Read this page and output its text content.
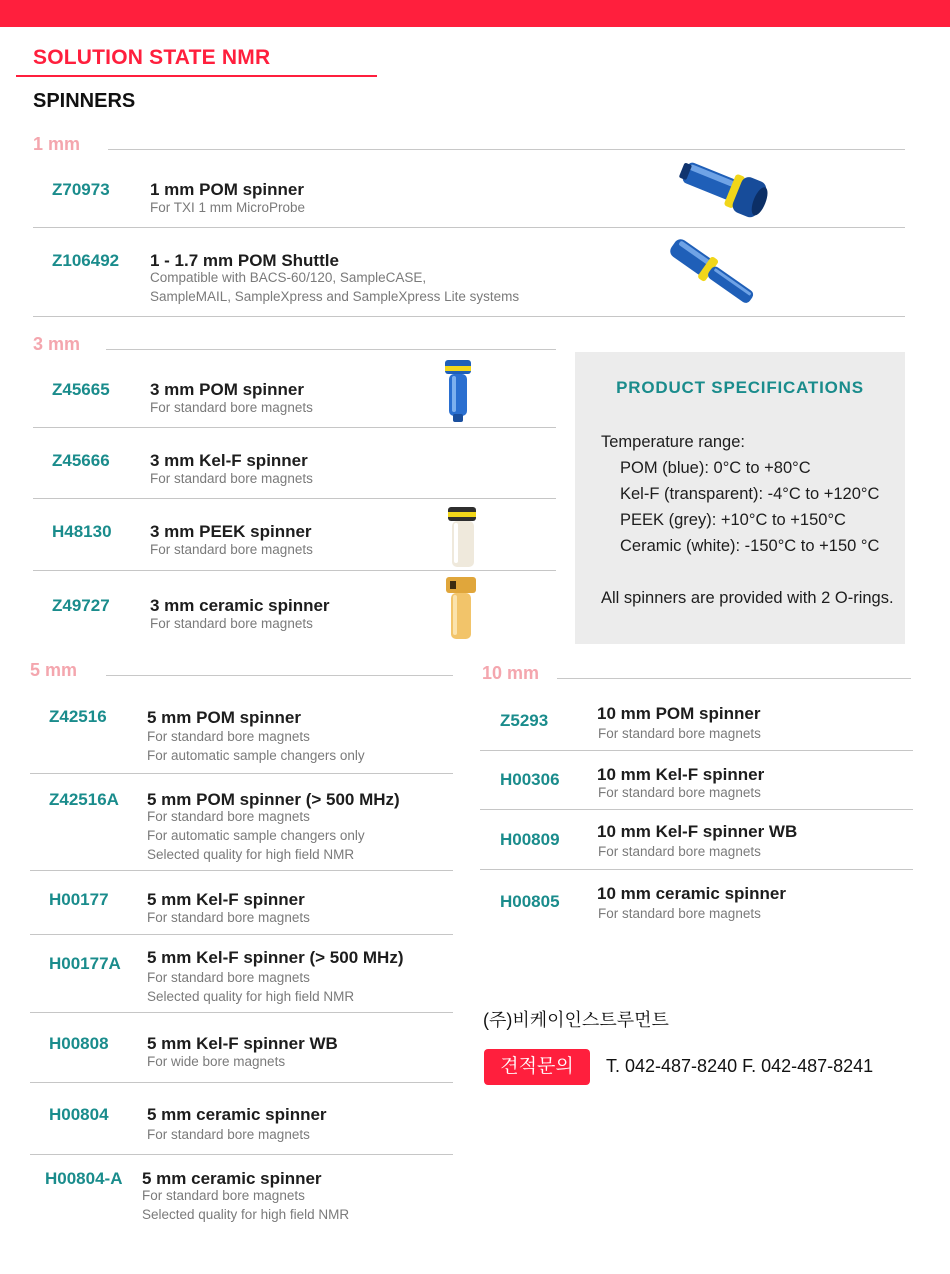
SOLUTION STATE NMR
SPINNERS
1 mm
Z70973 1 mm POM spinner
For TXI 1 mm MicroProbe
Z106492 1 - 1.7 mm POM Shuttle
Compatible with BACS-60/120, SampleCASE,
SampleMAIL, SampleXpress and SampleXpress Lite systems
3 mm
Z45665 3 mm POM spinner
For standard bore magnets
Z45666 3 mm Kel-F spinner
For standard bore magnets
H48130 3 mm PEEK spinner
For standard bore magnets
Z49727 3 mm ceramic spinner
For standard bore magnets
PRODUCT SPECIFICATIONS
Temperature range:
POM (blue): 0°C to +80°C
Kel-F (transparent): -4°C to +120°C
PEEK (grey): +10°C to +150°C
Ceramic (white): -150°C to +150 °C
All spinners are provided with 2 O-rings.
5 mm
Z42516 5 mm POM spinner
For standard bore magnets
For automatic sample changers only
Z42516A 5 mm POM spinner (> 500 MHz)
For standard bore magnets
For automatic sample changers only
Selected quality for high field NMR
H00177 5 mm Kel-F spinner
For standard bore magnets
H00177A 5 mm Kel-F spinner (> 500 MHz)
For standard bore magnets
Selected quality for high field NMR
H00808 5 mm Kel-F spinner WB
For wide bore magnets
H00804 5 mm ceramic spinner
For standard bore magnets
H00804-A 5 mm ceramic spinner
For standard bore magnets
Selected quality for high field NMR
10 mm
Z5293	10 mm POM spinner
For standard bore magnets
H00306 10 mm Kel-F spinner
For standard bore magnets
H00809 10 mm Kel-F spinner WB
For standard bore magnets
H00805 10 mm ceramic spinner
For standard bore magnets
(주)비케이인스트루먼트
견적문의	T. 042-487-8240 F. 042-487-8241
